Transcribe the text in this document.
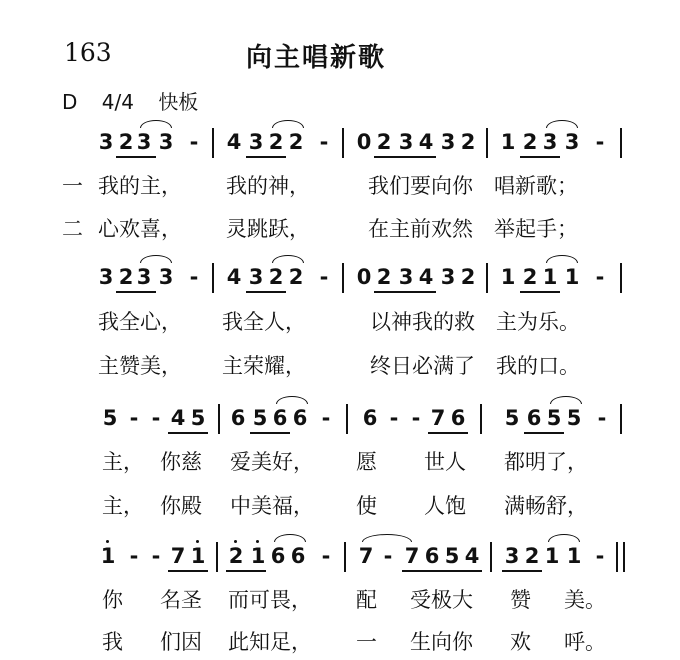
163	向主唱新歌
D 4/4 快板
3 2 3 3 - 4 3 2 2 - 0 2 3 4 3 2 1 2 3 3 -
一
二
我的主， 我的神，	我们要向你 唱新歌；
心欢喜， 灵跳跃，	在主前欢然 举起手；
3 2 3 3 - 4 3 2 2 - 0 2 3 4 3 2 1 2 1 1 -
我全心， 我全人，	以神我的救 主为乐。
主赞美， 主荣耀，	终日必满了 我的口。
5 - - 4 5 6 5 6 6 - 6 - - 7 6 5 6 5 5 -
主， 你慈 爱美好， 愿 世人 都明了，
主， 你殿 中美福， 使 人饱 满畅舒，
1 - - 7 1 2 1 6 6 - 7 - 7 6 5 4 3 2 1 1 -
你 名圣 而可畏， 配 受极大 赞 美。
我 们因 此知足， 一 生向你 欢 呼。
